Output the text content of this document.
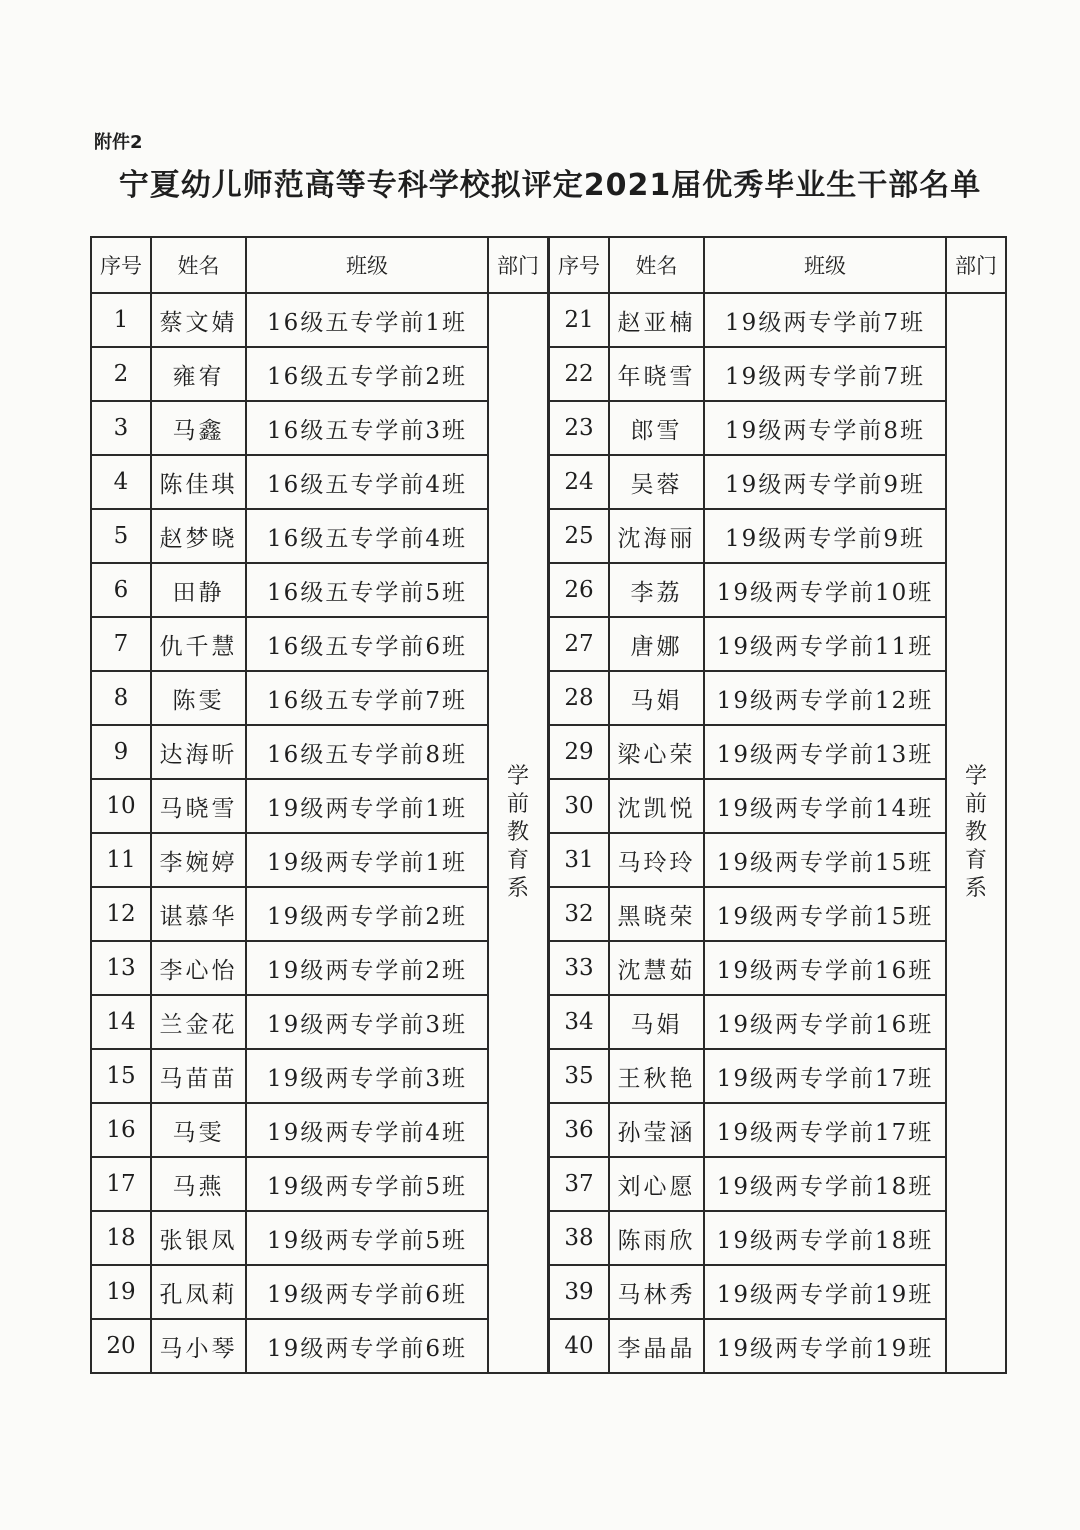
附件2
宁夏幼儿师范高等专科学校拟评定2021届优秀毕业生干部名单
序号	姓名	班级	部门
1	蔡文婧	16级五专学前1班	学
前
教
育
系

2	雍宥	16级五专学前2班	
3	马鑫	16级五专学前3班	
4	陈佳琪	16级五专学前4班	
5	赵梦晓	16级五专学前4班	
6	田静	16级五专学前5班	
7	仇千慧	16级五专学前6班	
8	陈雯	16级五专学前7班	
9	达海昕	16级五专学前8班	
10	马晓雪	19级两专学前1班	
11	李婉婷	19级两专学前1班	
12	谌慕华	19级两专学前2班	
13	李心怡	19级两专学前2班	
14	兰金花	19级两专学前3班	
15	马苗苗	19级两专学前3班	
16	马雯	19级两专学前4班	
17	马燕	19级两专学前5班	
18	张银凤	19级两专学前5班	
19	孔凤莉	19级两专学前6班	
20	马小琴	19级两专学前6班	
序号	姓名	班级	部门
21	赵亚楠	19级两专学前7班	学
前
教
育
系

22	年晓雪	19级两专学前7班	
23	郎雪	19级两专学前8班	
24	吴蓉	19级两专学前9班	
25	沈海丽	19级两专学前9班	
26	李荔	19级两专学前10班	
27	唐娜	19级两专学前11班	
28	马娟	19级两专学前12班	
29	梁心荣	19级两专学前13班	
30	沈凯悦	19级两专学前14班	
31	马玲玲	19级两专学前15班	
32	黑晓荣	19级两专学前15班	
33	沈慧茹	19级两专学前16班	
34	马娟	19级两专学前16班	
35	王秋艳	19级两专学前17班	
36	孙莹涵	19级两专学前17班	
37	刘心愿	19级两专学前18班	
38	陈雨欣	19级两专学前18班	
39	马林秀	19级两专学前19班	
40	李晶晶	19级两专学前19班	
